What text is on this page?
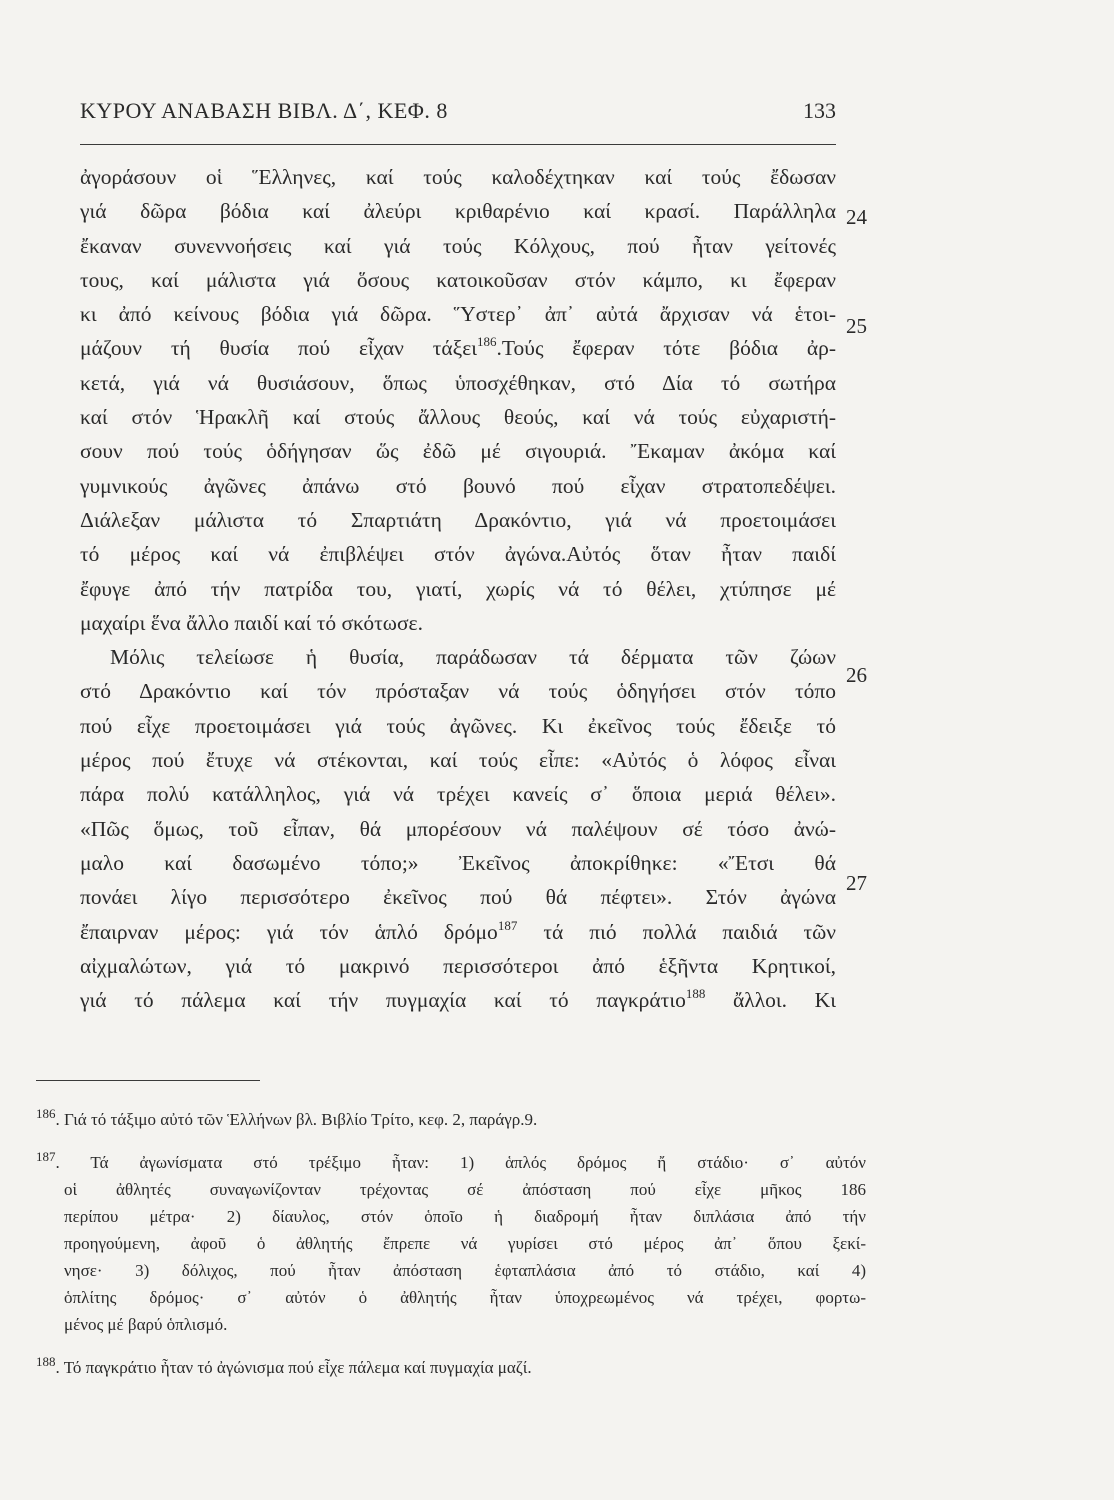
ΚΥΡΟΥ ΑΝΑΒΑΣΗ ΒΙΒΛ. Δ΄, ΚΕΦ. 8	133
ἀγοράσουν οἱ Ἕλληνες, καί τούς καλοδέχτηκαν καί τούς ἔδωσαν
γιά δῶρα βόδια καί ἀλεύρι κριθαρένιο καί κρασί. Παράλληλα
ἔκαναν συνεννοήσεις καί γιά τούς Κόλχους, πού ἦταν γείτονές
τους, καί μάλιστα γιά ὅσους κατοικοῦσαν στόν κάμπο, κι ἔφεραν
κι ἀπό κείνους βόδια γιά δῶρα. Ὕστερ᾿ ἀπ᾿ αὐτά ἄρχισαν νά ἑτοι-
μάζουν τή θυσία πού εἶχαν τάξει$^{186}$.Τούς ἔφεραν τότε βόδια ἀρ-
κετά, γιά νά θυσιάσουν, ὅπως ὑποσχέθηκαν, στό Δία τό σωτήρα
καί στόν Ἡρακλῆ καί στούς ἄλλους θεούς, καί νά τούς εὐχαριστή-
σουν πού τούς ὁδήγησαν ὥς ἐδῶ μέ σιγουριά. Ἔκαμαν ἀκόμα καί
γυμνικούς ἀγῶνες ἀπάνω στό βουνό πού εἶχαν στρατοπεδέψει.
Διάλεξαν μάλιστα τό Σπαρτιάτη Δρακόντιο, γιά νά προετοιμάσει
τό μέρος καί νά ἐπιβλέψει στόν ἀγώνα.Αὐτός ὅταν ἦταν παιδί
ἔφυγε ἀπό τήν πατρίδα του, γιατί, χωρίς νά τό θέλει, χτύπησε μέ
μαχαίρι ἕνα ἄλλο παιδί καί τό σκότωσε.
Μόλις τελείωσε ἡ θυσία, παράδωσαν τά δέρματα τῶν ζώων
στό Δρακόντιο καί τόν πρόσταξαν νά τούς ὁδηγήσει στόν τόπο
πού εἶχε προετοιμάσει γιά τούς ἀγῶνες. Κι ἐκεῖνος τούς ἔδειξε τό
μέρος πού ἔτυχε νά στέκονται, καί τούς εἶπε: «Αὐτός ὁ λόφος εἶναι
πάρα πολύ κατάλληλος, γιά νά τρέχει κανείς σ᾿ ὅποια μεριά θέλει».
«Πῶς ὅμως, τοῦ εἶπαν, θά μπορέσουν νά παλέψουν σέ τόσο ἀνώ-
μαλο καί δασωμένο τόπο;» Ἐκεῖνος ἀποκρίθηκε: «Ἔτσι θά
πονάει λίγο περισσότερο ἐκεῖνος πού θά πέφτει». Στόν ἀγώνα
ἔπαιρναν μέρος: γιά τόν ἁπλό δρόμο$^{187}$ τά πιό πολλά παιδιά τῶν
αἰχμαλώτων, γιά τό μακρινό περισσότεροι ἀπό ἑξῆντα Κρητικοί,
γιά τό πάλεμα καί τήν πυγμαχία καί τό παγκράτιο$^{188}$ ἄλλοι. Κι
24
25
26
27
$^{186}$. Γιά τό τάξιμο αὐτό τῶν Ἑλλήνων βλ. Βιβλίο Τρίτο, κεφ. 2, παράγρ.9.
$^{187}$. Τά ἀγωνίσματα στό τρέξιμο ἦταν: 1) ἁπλός δρόμος ἤ στάδιο· σ᾿ αὐτόν
οἱ ἀθλητές συναγωνίζονταν τρέχοντας σέ ἀπόσταση πού εἶχε μῆκος 186
περίπου μέτρα· 2) δίαυλος, στόν ὁποῖο ἡ διαδρομή ἦταν διπλάσια ἀπό τήν
προηγούμενη, ἀφοῦ ὁ ἀθλητής ἔπρεπε νά γυρίσει στό μέρος ἀπ᾿ ὅπου ξεκί-
νησε· 3) δόλιχος, πού ἦταν ἀπόσταση ἑφταπλάσια ἀπό τό στάδιο, καί 4)
ὁπλίτης δρόμος· σ᾿ αὐτόν ὁ ἀθλητής ἦταν ὑποχρεωμένος νά τρέχει, φορτω-
μένος μέ βαρύ ὁπλισμό.
$^{188}$. Τό παγκράτιο ἦταν τό ἀγώνισμα πού εἶχε πάλεμα καί πυγμαχία μαζί.
